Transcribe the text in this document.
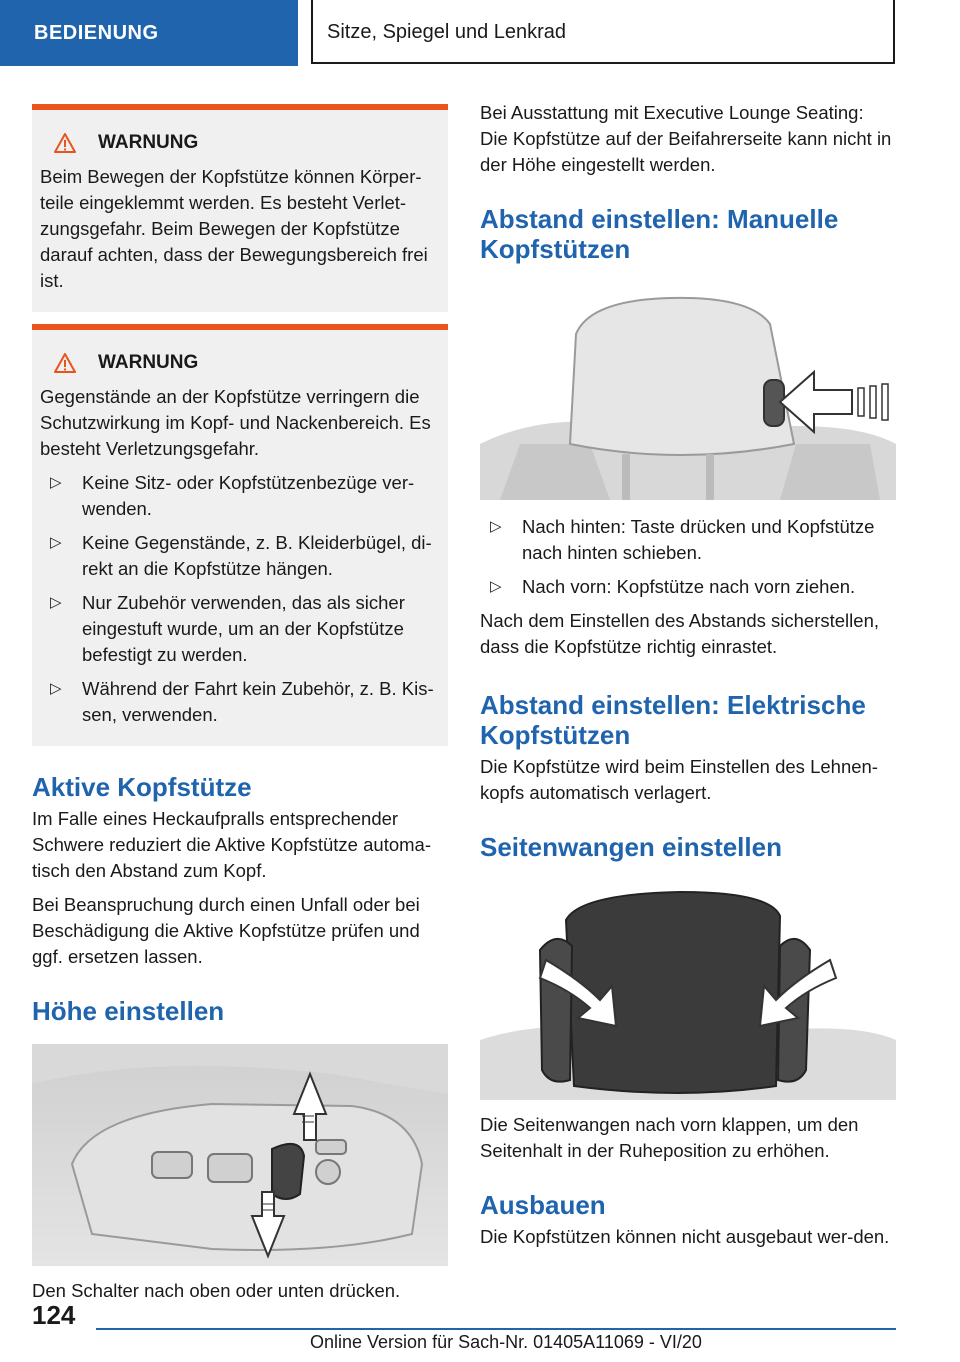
BEDIENUNG	Sitze, Spiegel und Lenkrad
WARNUNG

Beim Bewegen der Kopfstütze können Körper-teile eingeklemmt werden. Es besteht Verlet-zungsgefahr. Beim Bewegen der Kopfstütze darauf achten, dass der Bewegungsbereich frei ist.

WARNUNG

Gegenstände an der Kopfstütze verringern die Schutzwirkung im Kopf- und Nackenbereich. Es besteht Verletzungsgefahr.

▷ Keine Sitz- oder Kopfstützenbezüge ver-wenden.
▷ Keine Gegenstände, z. B. Kleiderbügel, di-rekt an die Kopfstütze hängen.
▷ Nur Zubehör verwenden, das als sicher eingestuft wurde, um an der Kopfstütze befestigt zu werden.
▷ Während der Fahrt kein Zubehör, z. B. Kis-sen, verwenden.
Aktive Kopfstütze

Im Falle eines Heckaufpralls entsprechender Schwere reduziert die Aktive Kopfstütze automa-tisch den Abstand zum Kopf.

Bei Beanspruchung durch einen Unfall oder bei Beschädigung die Aktive Kopfstütze prüfen und ggf. ersetzen lassen.

Höhe einstellen

Den Schalter nach oben oder unten drücken.

Bei Ausstattung mit Executive Lounge Seating: Die Kopfstütze auf der Beifahrerseite kann nicht in der Höhe eingestellt werden.

Abstand einstellen: Manuelle Kopfstützen
▷ Nach hinten: Taste drücken und Kopfstütze nach hinten schieben.
▷ Nach vorn: Kopfstütze nach vorn ziehen.

Nach dem Einstellen des Abstands sicherstellen, dass die Kopfstütze richtig einrastet.

Abstand einstellen: Elektrische Kopfstützen

Die Kopfstütze wird beim Einstellen des Lehnen-kopfs automatisch verlagert.

Seitenwangen einstellen

Die Seitenwangen nach vorn klappen, um den Seitenhalt in der Ruheposition zu erhöhen.

Ausbauen

Die Kopfstützen können nicht ausgebaut wer-den.

124
Online Version für Sach-Nr. 01405A11069 - VI/20
